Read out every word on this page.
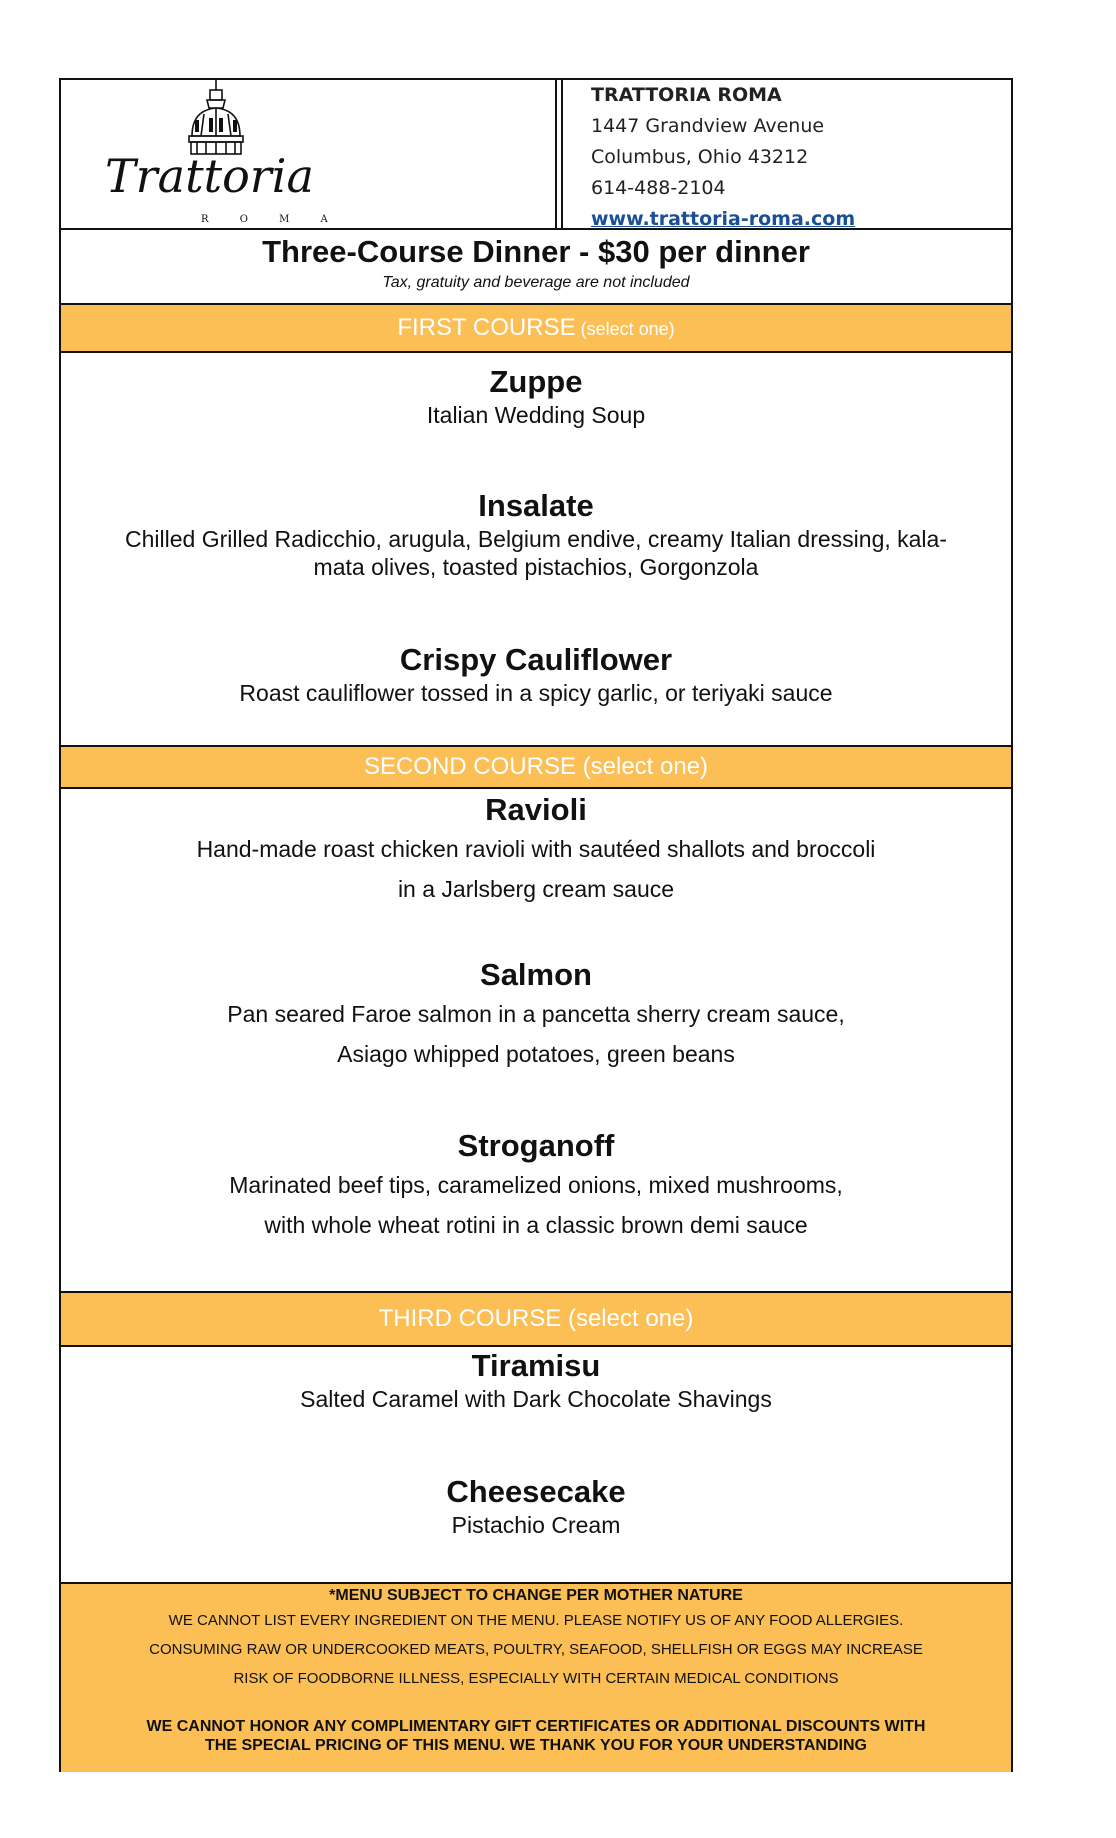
Trattoria
R O M A
TRATTORIA ROMA
1447 Grandview Avenue
Columbus, Ohio 43212
614-488-2104
www.trattoria-roma.com
Three-Course Dinner - $30 per dinner
Tax, gratuity and beverage are not included
FIRST COURSE (select one)
Zuppe
Italian Wedding Soup
Insalate
Chilled Grilled Radicchio, arugula, Belgium endive, creamy Italian dressing, kala-
mata olives, toasted pistachios, Gorgonzola
Crispy Cauliflower
Roast cauliflower tossed in a spicy garlic, or teriyaki sauce
SECOND COURSE (select one)
Ravioli
Hand-made roast chicken ravioli with sautéed shallots and broccoli
in a Jarlsberg cream sauce
Salmon
Pan seared Faroe salmon in a pancetta sherry cream sauce,
Asiago whipped potatoes, green beans
Stroganoff
Marinated beef tips, caramelized onions, mixed mushrooms,
with whole wheat rotini in a classic brown demi sauce
THIRD COURSE (select one)
Tiramisu
Salted Caramel with Dark Chocolate Shavings
Cheesecake
Pistachio Cream
*MENU SUBJECT TO CHANGE PER MOTHER NATURE
WE CANNOT LIST EVERY INGREDIENT ON THE MENU. PLEASE NOTIFY US OF ANY FOOD ALLERGIES.
CONSUMING RAW OR UNDERCOOKED MEATS, POULTRY, SEAFOOD, SHELLFISH OR EGGS MAY INCREASE
RISK OF FOODBORNE ILLNESS, ESPECIALLY WITH CERTAIN MEDICAL CONDITIONS
WE CANNOT HONOR ANY COMPLIMENTARY GIFT CERTIFICATES OR ADDITIONAL DISCOUNTS WITH
THE SPECIAL PRICING OF THIS MENU. WE THANK YOU FOR YOUR UNDERSTANDING
